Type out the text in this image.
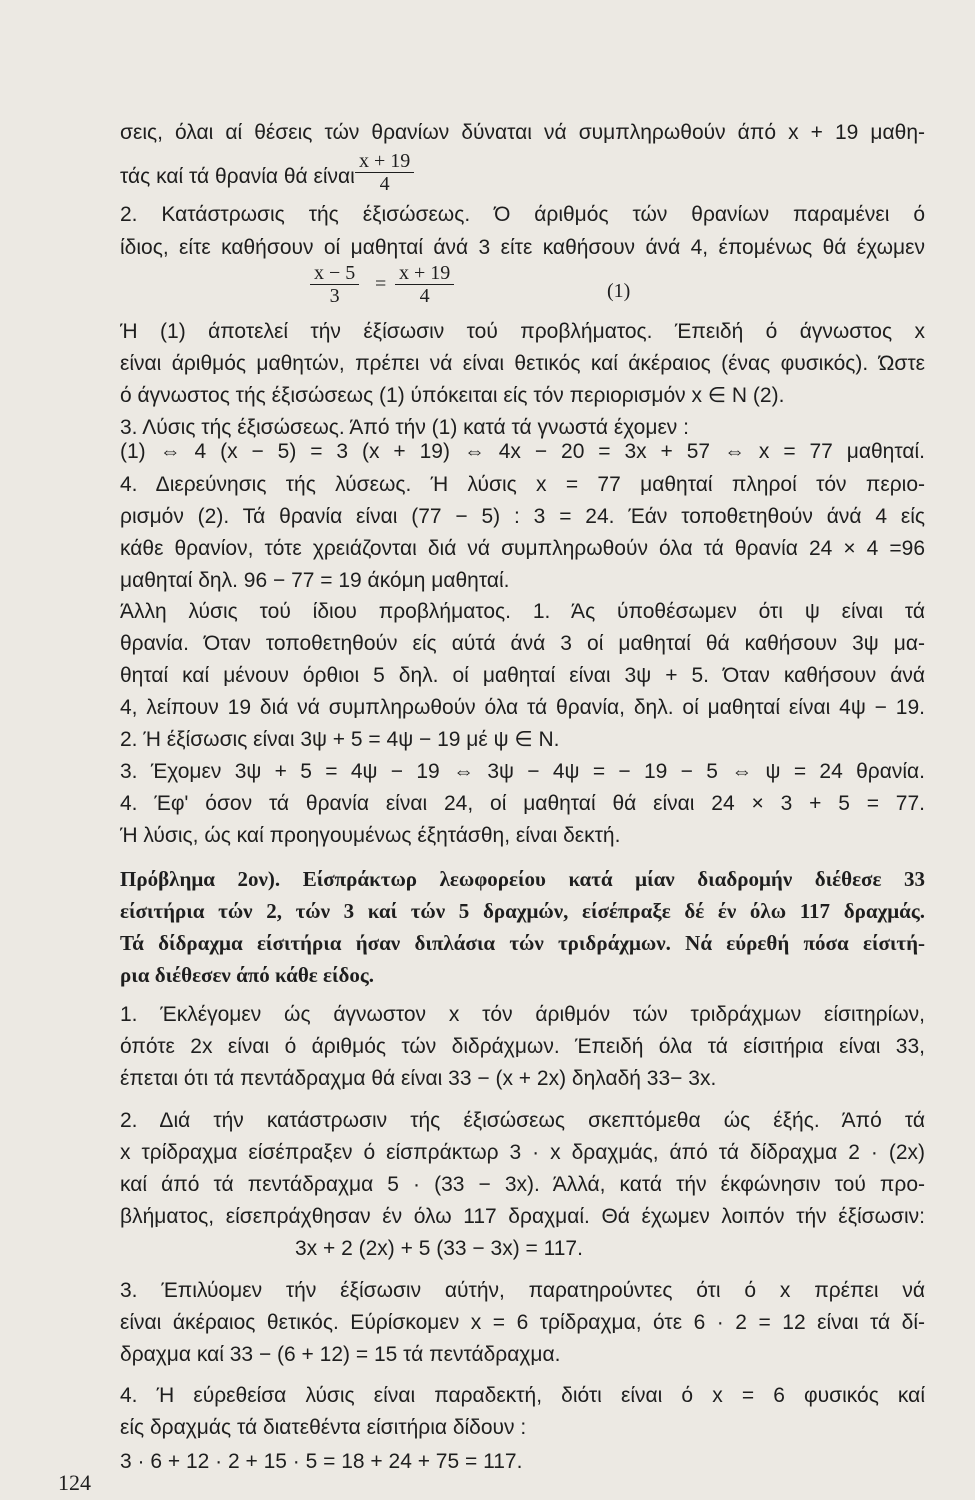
σεις, όλαι αί θέσεις τών θρανίων δύναται νά συμπληρωθούν άπό x + 19 μαθη-
τάς καί τά θρανία θά είναι $\frac{x + 19}{4}$
2. Κατάστρωσις τής έξισώσεως. Ό άριθμός τών θρανίων παραμένει ό
ίδιος, είτε καθήσουν οί μαθηταί άνά 3 είτε καθήσουν άνά 4, έπομένως θά έχωμεν
$\frac{x - 5}{3} = \frac{x + 19}{4}$	(1)
Ή (1) άποτελεί τήν έξίσωσιν τού προβλήματος. Έπειδή ό άγνωστος x
είναι άριθμός μαθητών, πρέπει νά είναι θετικός καί άκέραιος (ένας φυσικός). Ώστε
ό άγνωστος τής έξισώσεως (1) ύπόκειται είς τόν περιορισμόν x ∈ N (2).
3. Λύσις τής έξισώσεως. Άπό τήν (1) κατά τά γνωστά έχομεν :
(1) ⇔ 4 (x − 5) = 3 (x + 19) ⇔ 4x − 20 = 3x + 57 ⇔ x = 77 μαθηταί.
4. Διερεύνησις τής λύσεως. Ή λύσις x = 77 μαθηταί πληροί τόν περιο-
ρισμόν (2). Τά θρανία είναι (77 − 5) : 3 = 24. Έάν τοποθετηθούν άνά 4 είς
κάθε θρανίον, τότε χρειάζονται διά νά συμπληρωθούν όλα τά θρανία 24 × 4 =96
μαθηταί δηλ. 96 − 77 = 19 άκόμη μαθηταί.
Άλλη λύσις τού ίδιου προβλήματος. 1. Άς ύποθέσωμεν ότι ψ είναι τά
θρανία. Όταν τοποθετηθούν είς αύτά άνά 3 οί μαθηταί θά καθήσουν 3ψ μα-
θηταί καί μένουν όρθιοι 5 δηλ. οί μαθηταί είναι 3ψ + 5. Όταν καθήσουν άνά
4, λείπουν 19 διά νά συμπληρωθούν όλα τά θρανία, δηλ. οί μαθηταί είναι 4ψ − 19.
2. Ή έξίσωσις είναι 3ψ + 5 = 4ψ − 19 μέ ψ ∈ N.
3. Έχομεν 3ψ + 5 = 4ψ − 19 ⇔ 3ψ − 4ψ = − 19 − 5 ⇔ ψ = 24 θρανία.
4. Έφ' όσον τά θρανία είναι 24, οί μαθηταί θά είναι 24 × 3 + 5 = 77.
Ή λύσις, ώς καί προηγουμένως έξητάσθη, είναι δεκτή.
Πρόβλημα 2ον). Είσπράκτωρ λεωφορείου κατά μίαν διαδρομήν διέθεσε 33
είσιτήρια τών 2, τών 3 καί τών 5 δραχμών, είσέπραξε δέ έν όλω 117 δραχμάς.
Τά δίδραχμα είσιτήρια ήσαν διπλάσια τών τριδράχμων. Νά εύρεθή πόσα είσιτή-
ρια διέθεσεν άπό κάθε είδος.
1. Έκλέγομεν ώς άγνωστον x τόν άριθμόν τών τριδράχμων είσιτηρίων,
όπότε 2x είναι ό άριθμός τών διδράχμων. Έπειδή όλα τά είσιτήρια είναι 33,
έπεται ότι τά πεντάδραχμα θά είναι 33 − (x + 2x) δηλαδή 33− 3x.
2. Διά τήν κατάστρωσιν τής έξισώσεως σκεπτόμεθα ώς έξής. Άπό τά
x τρίδραχμα είσέπραξεν ό είσπράκτωρ 3 · x δραχμάς, άπό τά δίδραχμα 2 · (2x)
καί άπό τά πεντάδραχμα 5 · (33 − 3x). Άλλά, κατά τήν έκφώνησιν τού προ-
βλήματος, είσεπράχθησαν έν όλω 117 δραχμαί. Θά έχωμεν λοιπόν τήν έξίσωσιν:
3x + 2 (2x) + 5 (33 − 3x) = 117.
3. Έπιλύομεν τήν έξίσωσιν αύτήν, παρατηρούντες ότι ό x πρέπει νά
είναι άκέραιος θετικός. Εύρίσκομεν x = 6 τρίδραχμα, ότε 6 · 2 = 12 είναι τά δί-
δραχμα καί 33 − (6 + 12) = 15 τά πεντάδραχμα.
4. Ή εύρεθείσα λύσις είναι παραδεκτή, διότι είναι ό x = 6 φυσικός καί
είς δραχμάς τά διατεθέντα είσιτήρια δίδουν :
3 · 6 + 12 · 2 + 15 · 5 = 18 + 24 + 75 = 117.
124
